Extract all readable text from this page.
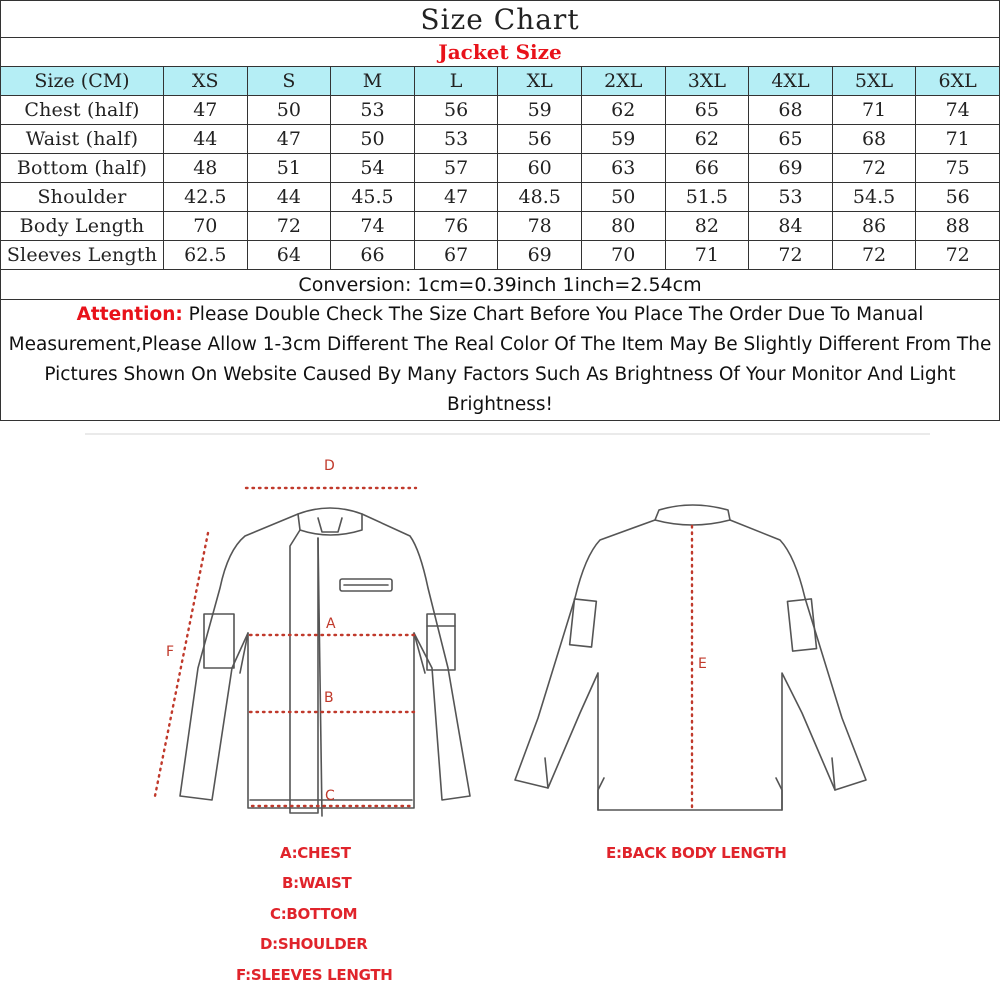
Size Chart										
Jacket Size										
Size (CM)	XS	S	M	L	XL	2XL	3XL	4XL	5XL	6XL
Chest (half)	47	50	53	56	59	62	65	68	71	74
Waist (half)	44	47	50	53	56	59	62	65	68	71
Bottom (half)	48	51	54	57	60	63	66	69	72	75
Shoulder	42.5	44	45.5	47	48.5	50	51.5	53	54.5	56
Body Length	70	72	74	76	78	80	82	84	86	88
Sleeves Length	62.5	64	66	67	69	70	71	72	72	72
Conversion: 1cm=0.39inch 1inch=2.54cm										
Attention: Please Double Check The Size Chart Before You Place The Order Due To Manual Measurement,Please Allow 1-3cm Different The Real Color Of The Item May Be Slightly Different From The Pictures Shown On Website Caused By Many Factors Such As Brightness Of Your Monitor And Light Brightness!										
D
A
B
C
F
E
A:CHEST
B:WAIST
C:BOTTOM
D:SHOULDER
F:SLEEVES LENGTH
E:BACK BODY LENGTH
